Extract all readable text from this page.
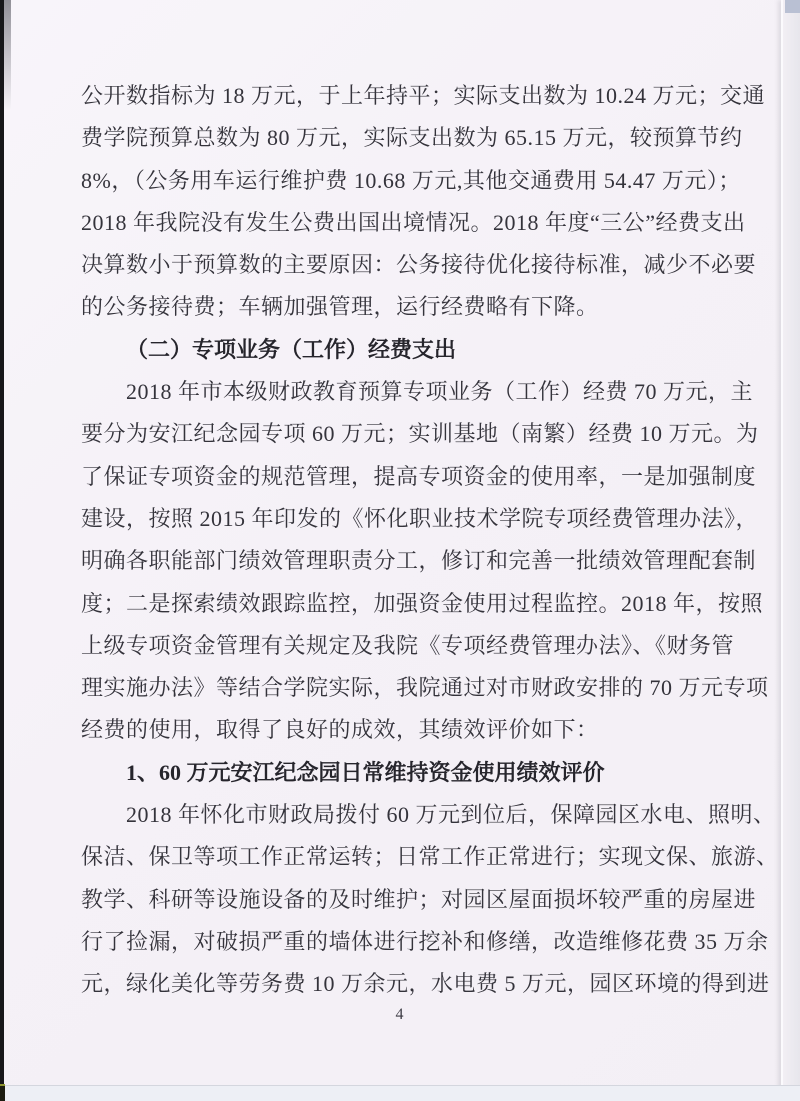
公开数指标为 18 万元，于上年持平；实际支出数为 10.24 万元；交通
费学院预算总数为 80 万元，实际支出数为 65.15 万元，较预算节约
8%，（公务用车运行维护费 10.68 万元,其他交通费用 54.47 万元）；
2018 年我院没有发生公费出国出境情况。2018 年度“三公”经费支出
决算数小于预算数的主要原因：公务接待优化接待标准，减少不必要
的公务接待费；车辆加强管理，运行经费略有下降。
（二）专项业务（工作）经费支出
2018 年市本级财政教育预算专项业务（工作）经费 70 万元，主
要分为安江纪念园专项 60 万元；实训基地（南繁）经费 10 万元。为
了保证专项资金的规范管理，提高专项资金的使用率，一是加强制度
建设，按照 2015 年印发的《怀化职业技术学院专项经费管理办法》，
明确各职能部门绩效管理职责分工，修订和完善一批绩效管理配套制
度；二是探索绩效跟踪监控，加强资金使用过程监控。2018 年，按照
上级专项资金管理有关规定及我院《专项经费管理办法》、《财务管
理实施办法》等结合学院实际，我院通过对市财政安排的 70 万元专项
经费的使用，取得了良好的成效，其绩效评价如下：
1、60 万元安江纪念园日常维持资金使用绩效评价
2018 年怀化市财政局拨付 60 万元到位后，保障园区水电、照明、
保洁、保卫等项工作正常运转；日常工作正常进行；实现文保、旅游、
教学、科研等设施设备的及时维护；对园区屋面损坏较严重的房屋进
行了捡漏，对破损严重的墙体进行挖补和修缮，改造维修花费 35 万余
元，绿化美化等劳务费 10 万余元，水电费 5 万元，园区环境的得到进
4
